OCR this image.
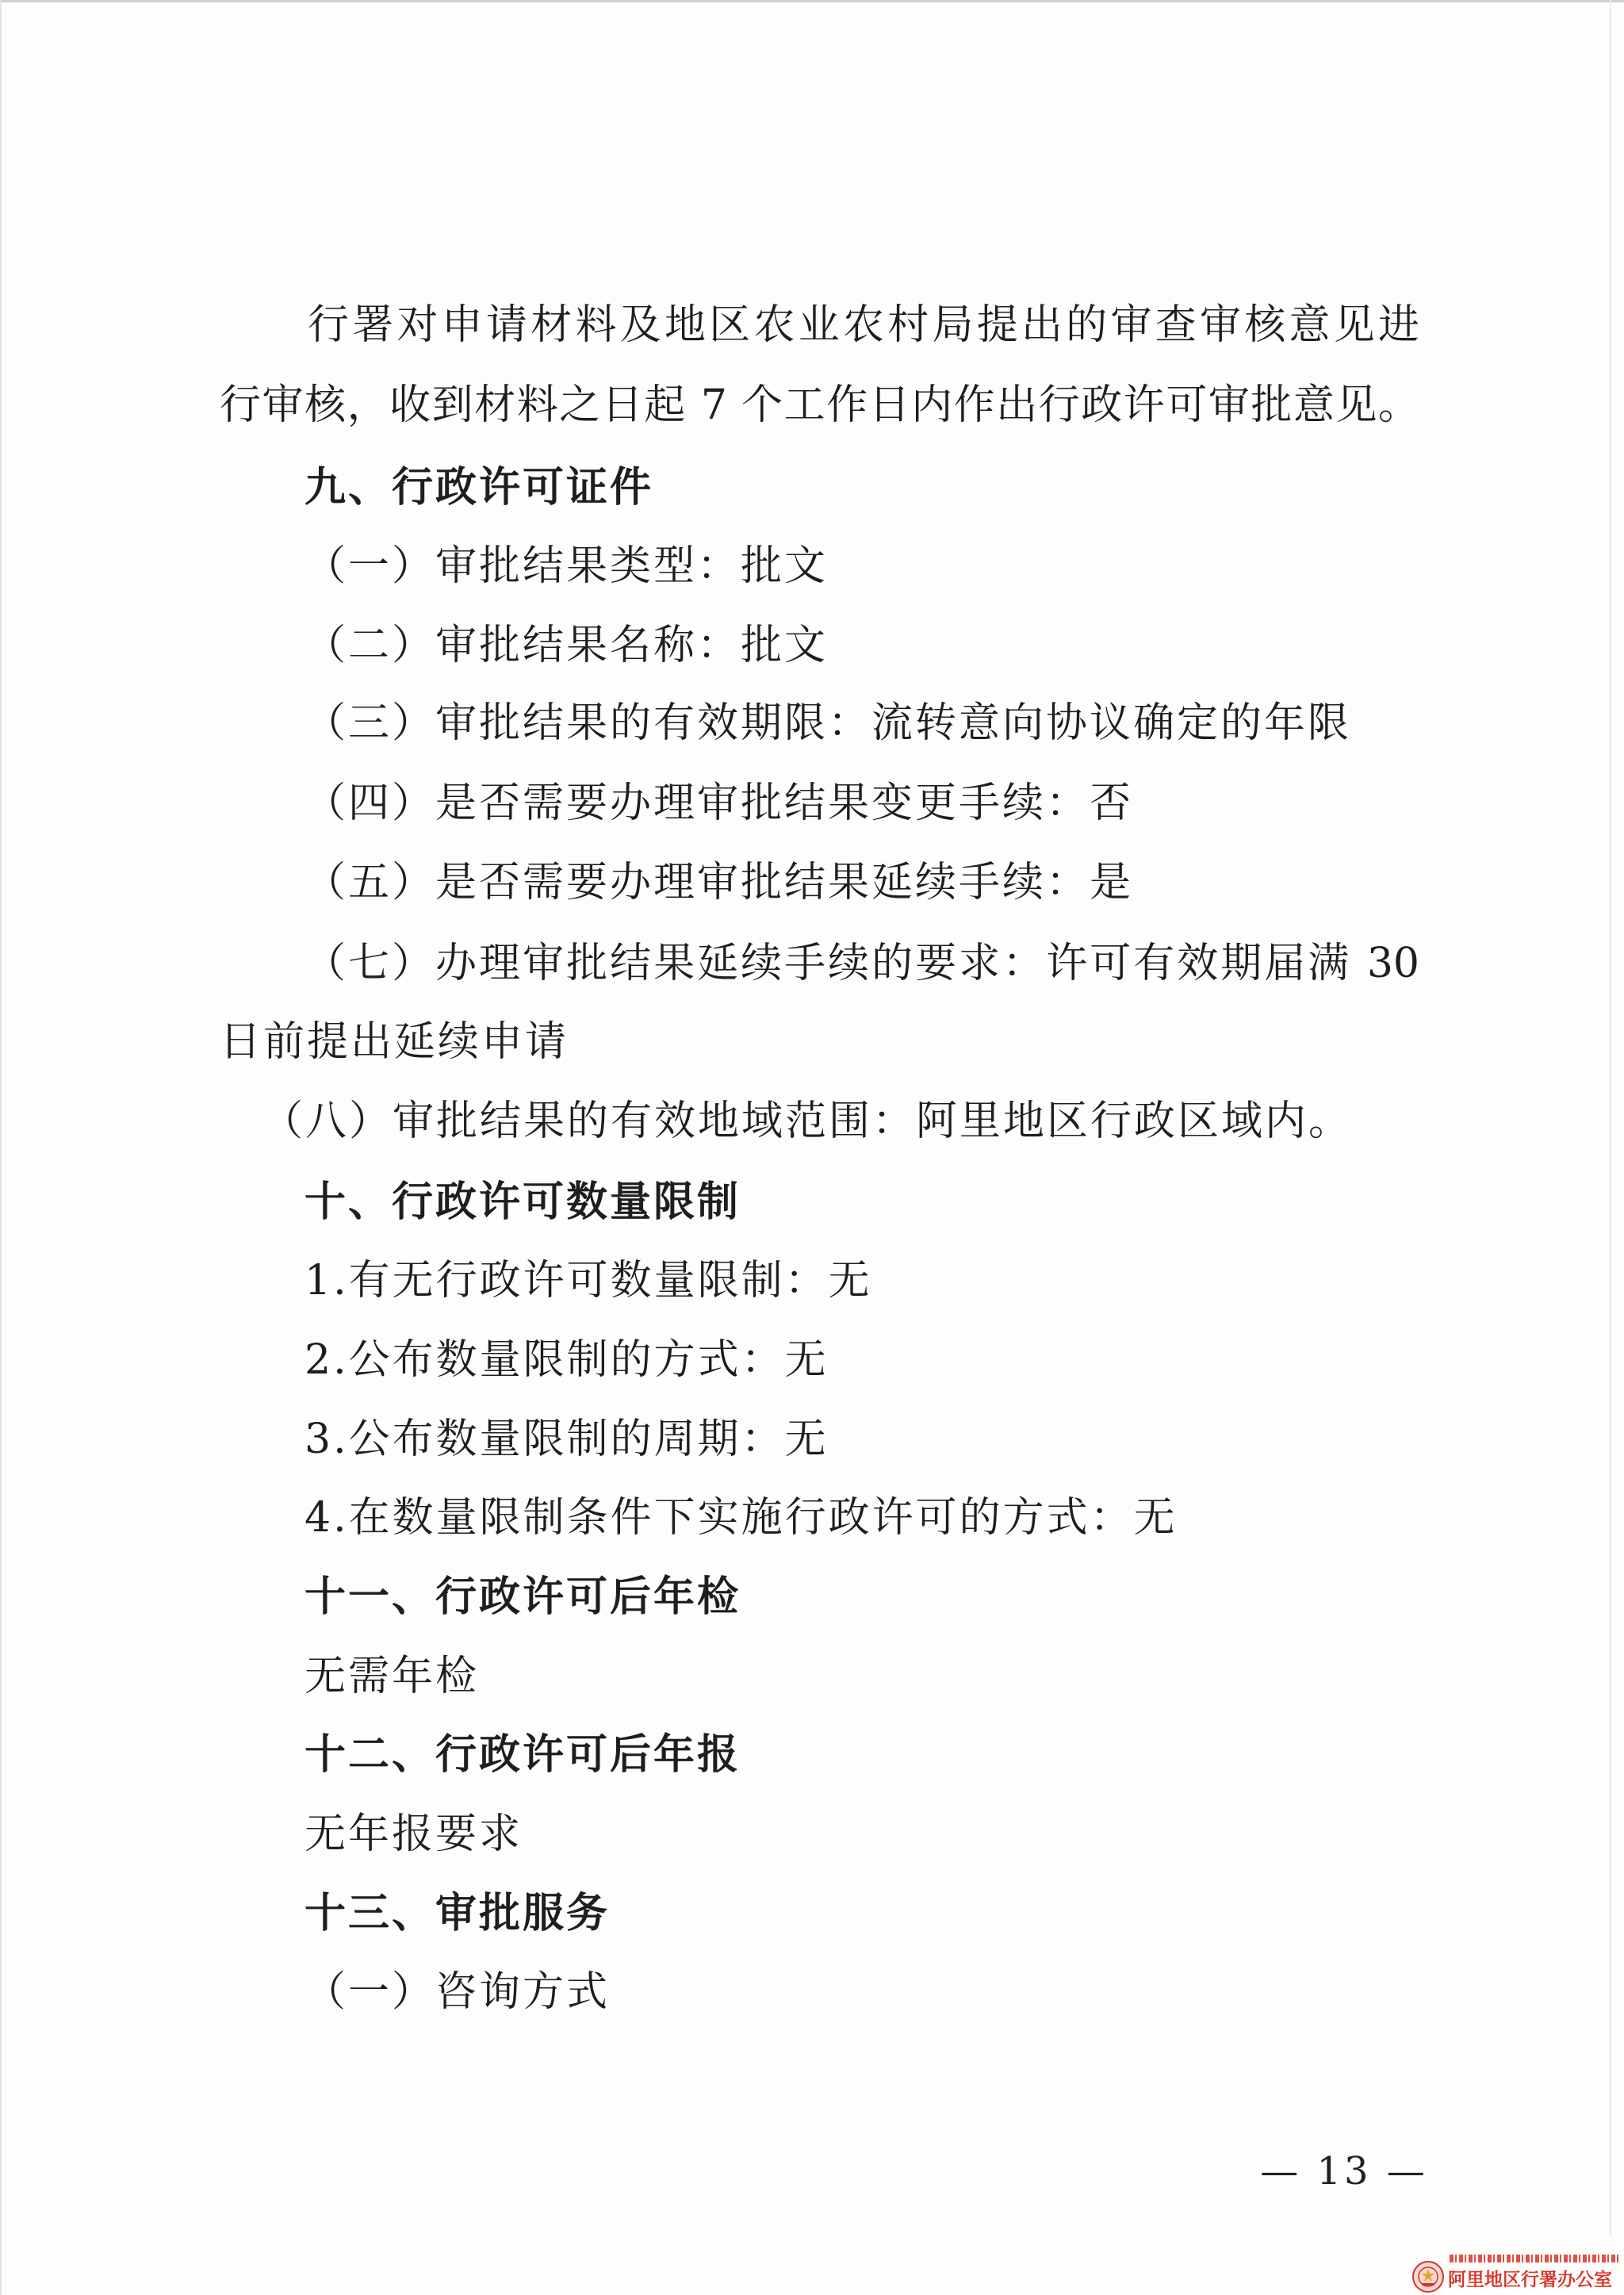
行署对申请材料及地区农业农村局提出的审查审核意见进
行审核，收到材料之日起 7 个工作日内作出行政许可审批意见。
九、行政许可证件
（一）审批结果类型：批文
（二）审批结果名称：批文
（三）审批结果的有效期限：流转意向协议确定的年限
（四）是否需要办理审批结果变更手续：否
（五）是否需要办理审批结果延续手续：是
（七）办理审批结果延续手续的要求：许可有效期届满 30
日前提出延续申请
（八）审批结果的有效地域范围：阿里地区行政区域内。
十、行政许可数量限制
1.有无行政许可数量限制：无
2.公布数量限制的方式：无
3.公布数量限制的周期：无
4.在数量限制条件下实施行政许可的方式：无
十一、行政许可后年检
无需年检
十二、行政许可后年报
无年报要求
十三、审批服务
（一）咨询方式
— 13 —
阿里地区行署办公室
